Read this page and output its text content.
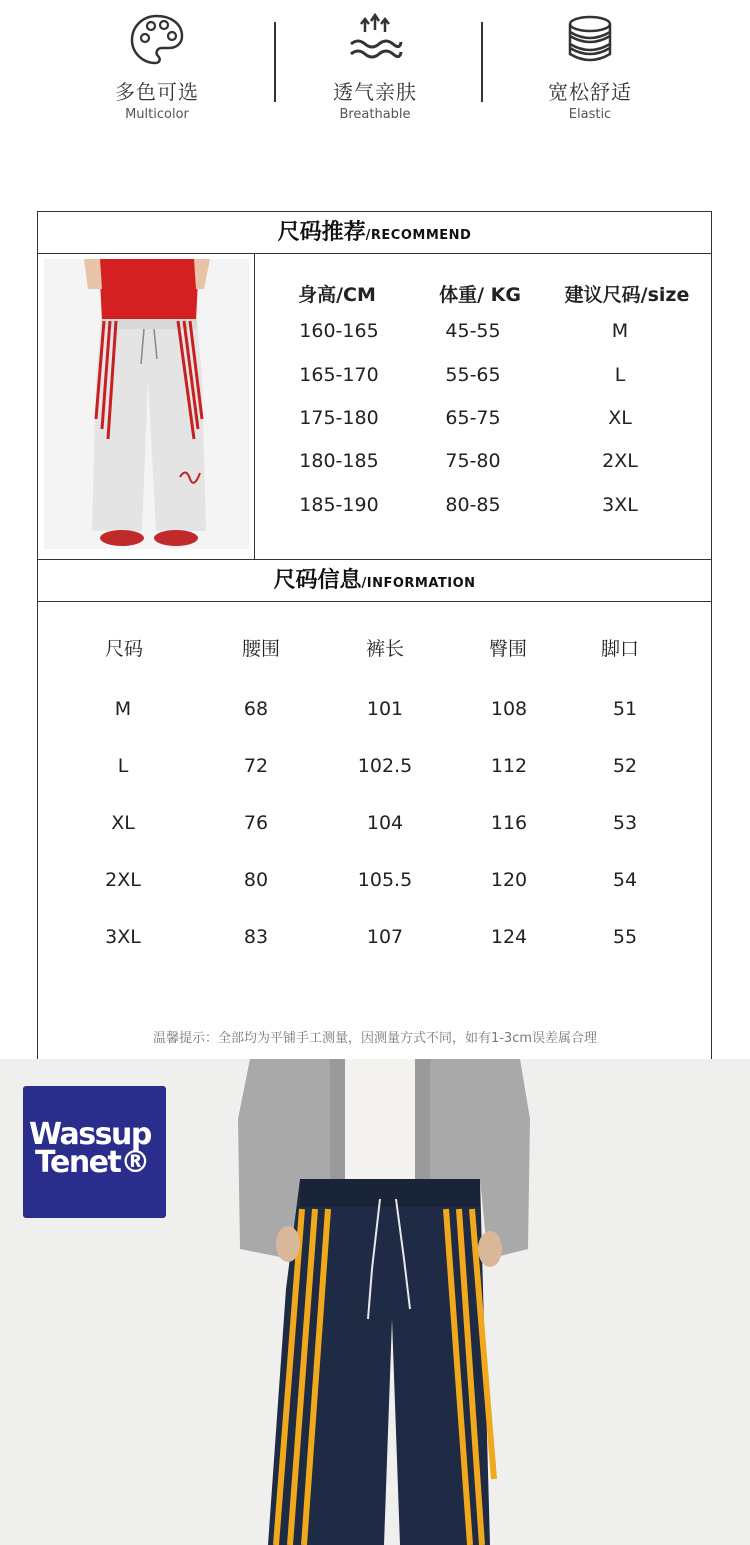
多色可选
Multicolor
透气亲肤
Breathable
宽松舒适
Elastic
尺码推荐/RECOMMEND
身高/CM	体重/ KG	建议尺码/size
160-165	45-55	M
165-170	55-65	L
175-180	65-75	XL
180-185	75-80	2XL
185-190	80-85	3XL
尺码信息/INFORMATION
尺码	腰围	裤长	臀围	脚口
M	68	101	108	51
L	72	102.5	112	52
XL	76	104	116	53
2XL	80	105.5	120	54
3XL	83	107	124	55
温馨提示：全部均为平铺手工测量，因测量方式不同，如有1-3cm误差属合理
Wassup
Tenet®
